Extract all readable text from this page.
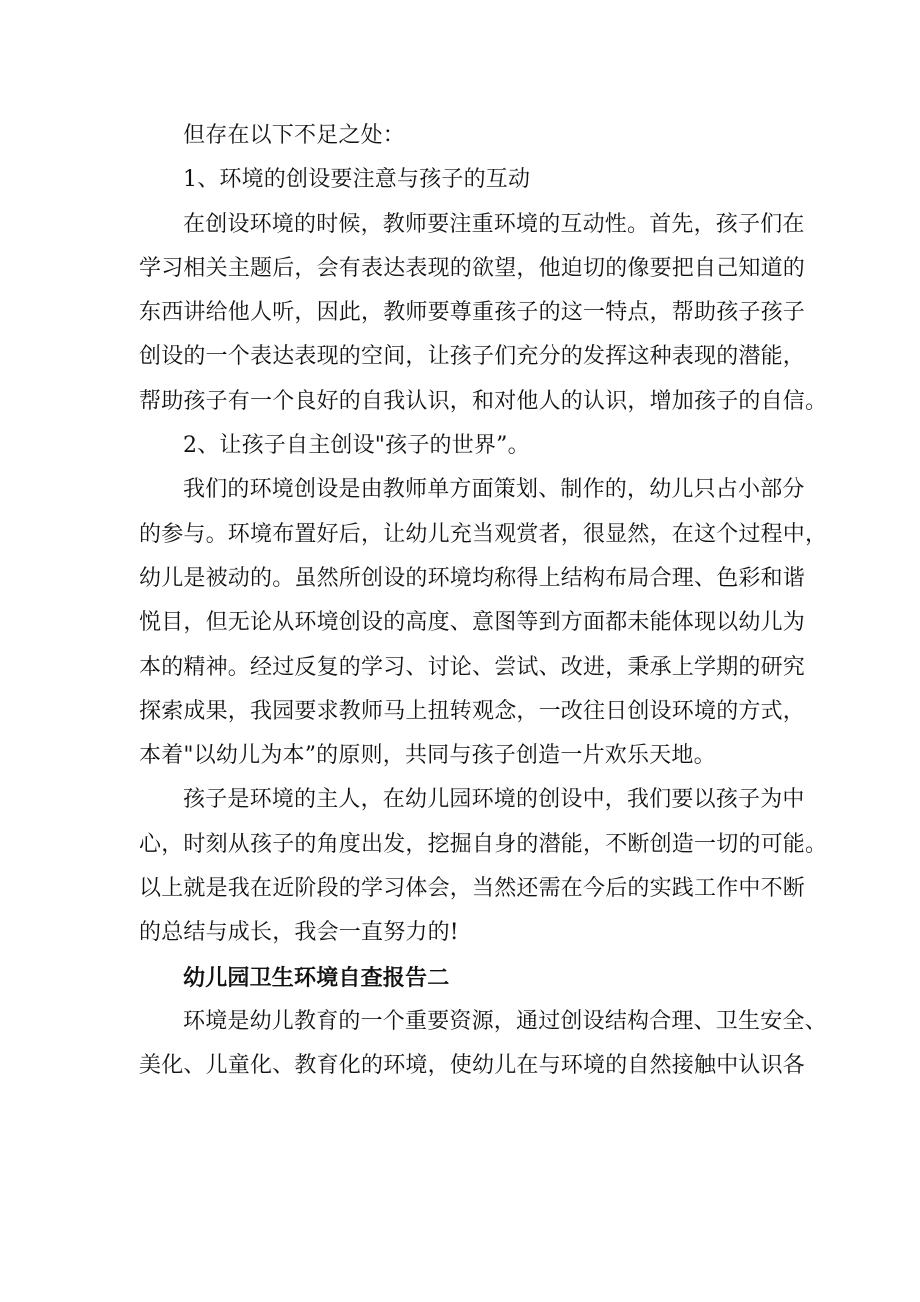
但存在以下不足之处：

1、环境的创设要注意与孩子的互动

在创设环境的时候，教师要注重环境的互动性。首先，孩子们在

学习相关主题后，会有表达表现的欲望，他迫切的像要把自己知道的

东西讲给他人听，因此，教师要尊重孩子的这一特点，帮助孩子孩子

创设的一个表达表现的空间，让孩子们充分的发挥这种表现的潜能，

帮助孩子有一个良好的自我认识，和对他人的认识，增加孩子的自信。

2、让孩子自主创设"孩子的世界”。

我们的环境创设是由教师单方面策划、制作的，幼儿只占小部分

的参与。环境布置好后，让幼儿充当观赏者，很显然，在这个过程中，

幼儿是被动的。虽然所创设的环境均称得上结构布局合理、色彩和谐

悦目，但无论从环境创设的高度、意图等到方面都未能体现以幼儿为

本的精神。经过反复的学习、讨论、尝试、改进，秉承上学期的研究

探索成果，我园要求教师马上扭转观念，一改往日创设环境的方式，

本着"以幼儿为本”的原则，共同与孩子创造一片欢乐天地。

孩子是环境的主人，在幼儿园环境的创设中，我们要以孩子为中

心，时刻从孩子的角度出发，挖掘自身的潜能，不断创造一切的可能。

以上就是我在近阶段的学习体会，当然还需在今后的实践工作中不断

的总结与成长，我会一直努力的!

幼儿园卫生环境自查报告二

环境是幼儿教育的一个重要资源，通过创设结构合理、卫生安全、

美化、儿童化、教育化的环境，使幼儿在与环境的自然接触中认识各
